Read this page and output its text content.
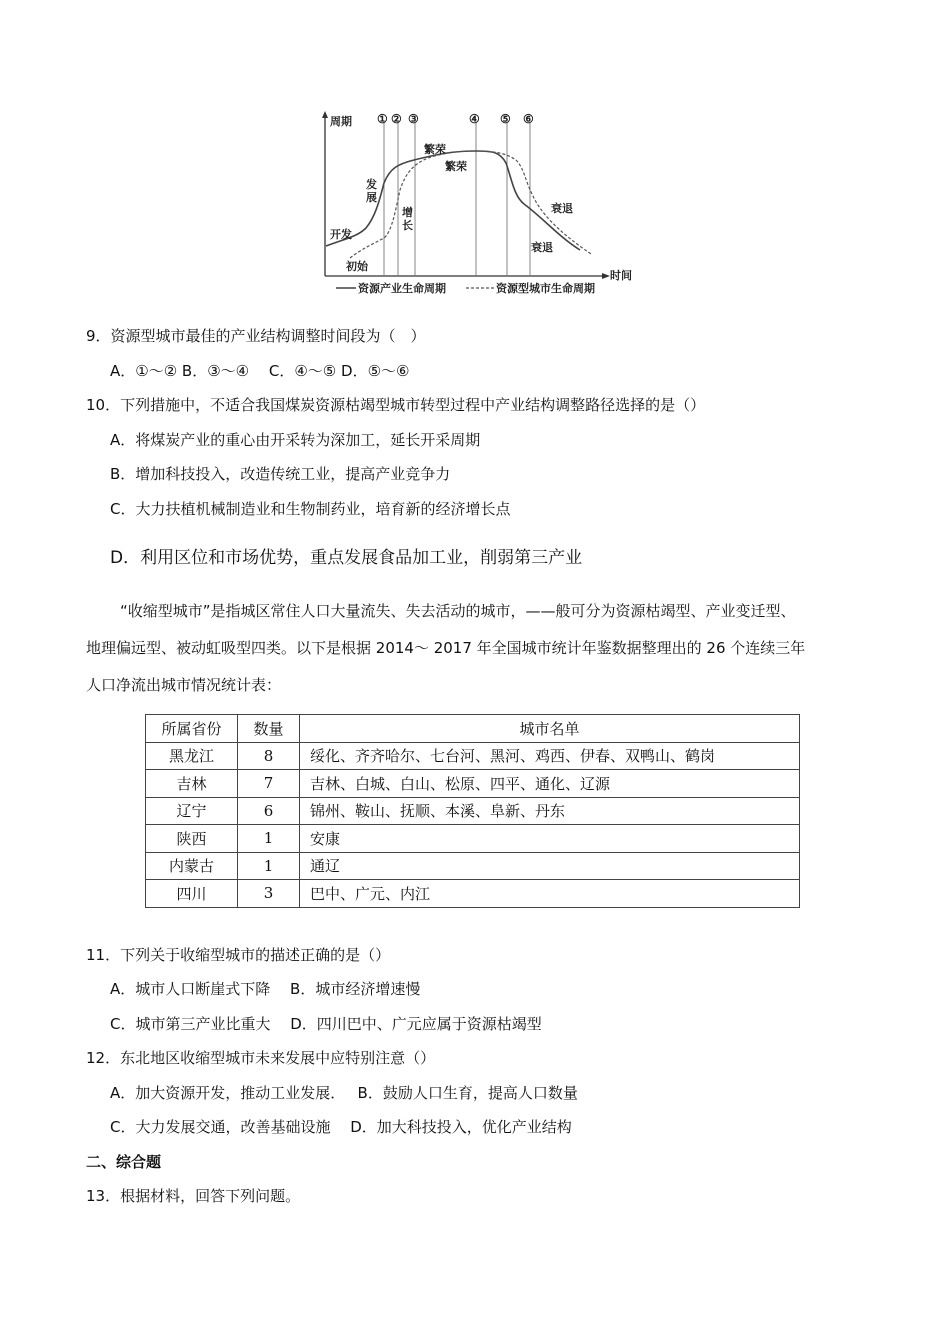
周期
时间
① ② ③	④ ⑤ ⑥
开发
发
展
繁荣
繁荣
初始
增
长
衰退
衰退
资源产业生命周期	资源型城市生命周期
9．资源型城市最佳的产业结构调整时间段为（　）
A．①～② B．③～④　 C．④～⑤ D．⑤～⑥
10．下列措施中，不适合我国煤炭资源枯竭型城市转型过程中产业结构调整路径选择的是（）
A．将煤炭产业的重心由开采转为深加工，延长开采周期
B．增加科技投入，改造传统工业，提高产业竞争力
C．大力扶植机械制造业和生物制药业，培育新的经济增长点
D．利用区位和市场优势，重点发展食品加工业，削弱第三产业
“收缩型城市”是指城区常住人口大量流失、失去活动的城市，——般可分为资源枯竭型、产业变迁型、
地理偏远型、被动虹吸型四类。以下是根据 2014～ 2017 年全国城市统计年鉴数据整理出的 26 个连续三年
人口净流出城市情况统计表：
所属省份	数量	城市名单
黑龙江	8	绥化、齐齐哈尔、七台河、黑河、鸡西、伊春、双鸭山、鹤岗
吉林	7	吉林、白城、白山、松原、四平、通化、辽源
辽宁	6	锦州、鞍山、抚顺、本溪、阜新、丹东
陕西	1	安康
内蒙古	1	通辽
四川	3	巴中、广元、内江
11．下列关于收缩型城市的描述正确的是（）
A．城市人口断崖式下降　 B．城市经济增速慢
C．城市第三产业比重大　 D．四川巴中、广元应属于资源枯竭型
12．东北地区收缩型城市未来发展中应特别注意（）
A．加大资源开发，推动工业发展．　 B．鼓励人口生育，提高人口数量
C．大力发展交通，改善基础设施　 D．加大科技投入，优化产业结构
二、综合题
13．根据材料，回答下列问题。
